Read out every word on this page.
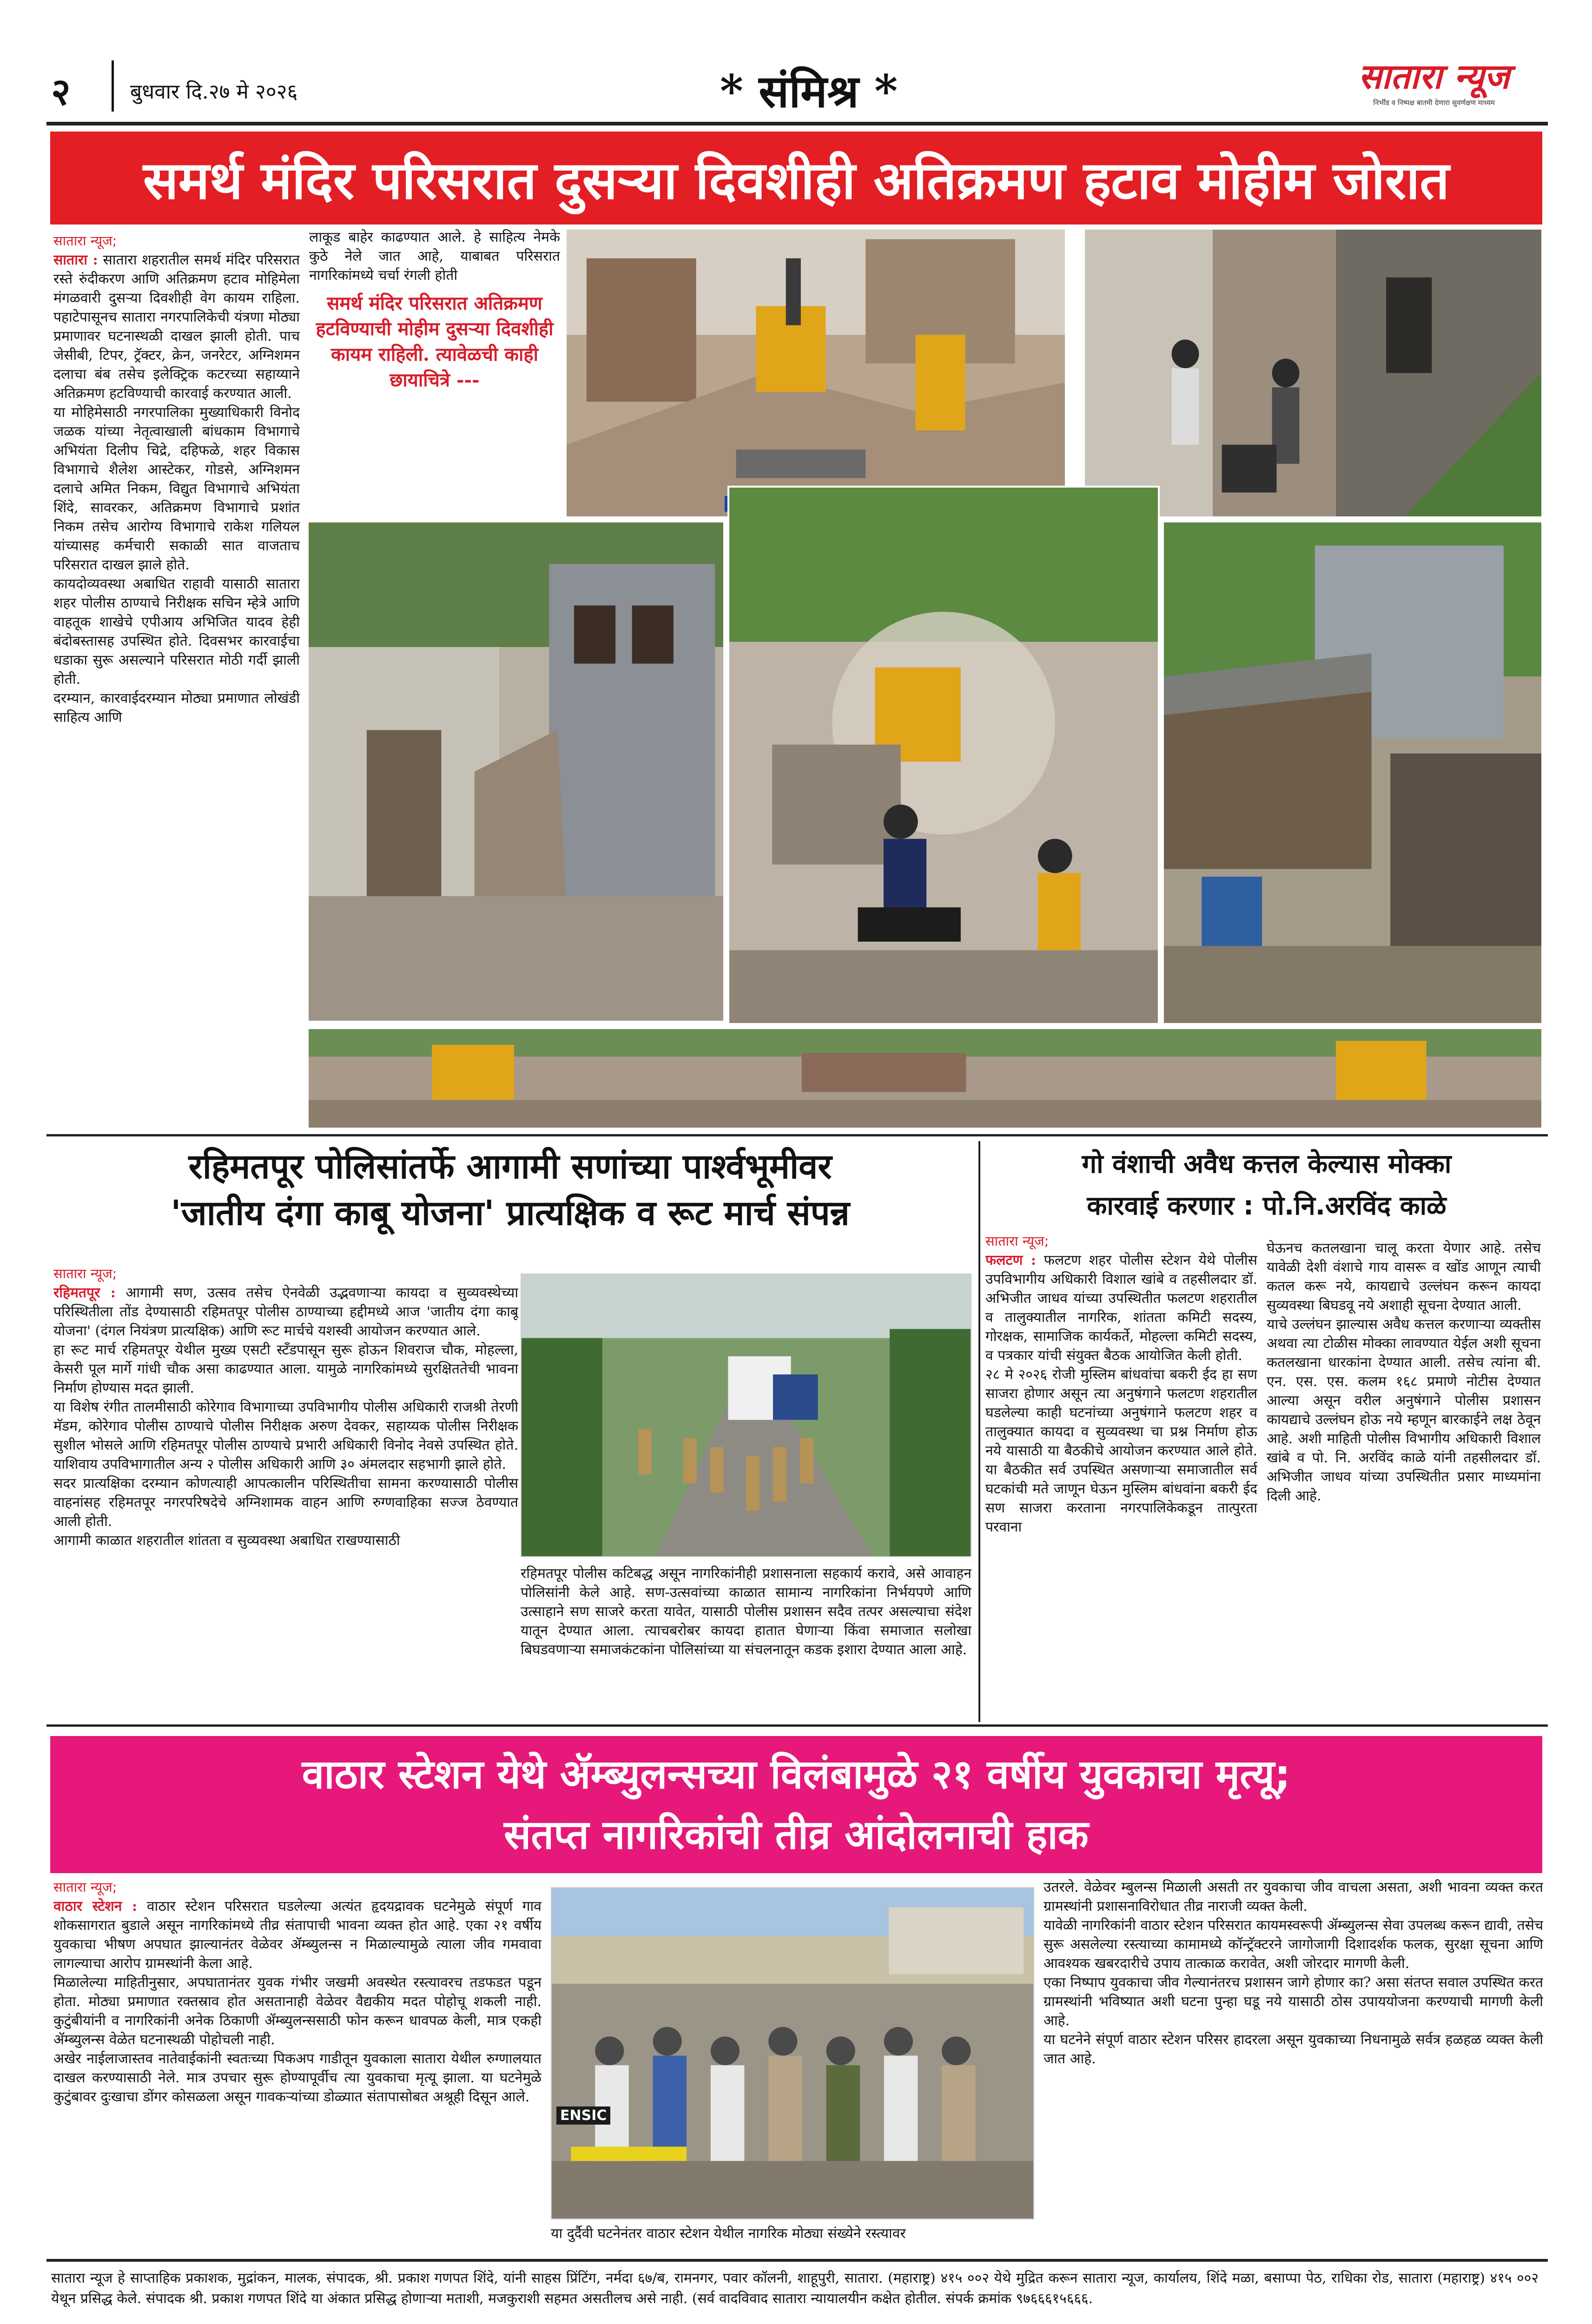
२	बुधवार दि.२७ मे २०२६	* संमिश्र *	सातारा न्यूज
निर्भीड व निष्पक्ष बातमी देणारा सुवर्णक्षण माध्यम
समर्थ मंदिर परिसरात दुसऱ्या दिवशीही अतिक्रमण हटाव मोहीम जोरात
सातारा न्यूज;

सातारा : सातारा शहरातील समर्थ मंदिर परिसरात रस्ते रुंदीकरण आणि अतिक्रमण हटाव मोहिमेला मंगळवारी दुसऱ्या दिवशीही वेग कायम राहिला. पहाटेपासूनच सातारा नगरपालिकेची यंत्रणा मोठ्या प्रमाणावर घटनास्थळी दाखल झाली होती. पाच जेसीबी, टिपर, ट्रॅक्टर, क्रेन, जनरेटर, अग्निशमन दलाचा बंब तसेच इलेक्ट्रिक कटरच्या सहाय्याने अतिक्रमण हटविण्याची कारवाई करण्यात आली.

या मोहिमेसाठी नगरपालिका मुख्याधिकारी विनोद जळक यांच्या नेतृत्वाखाली बांधकाम विभागाचे अभियंता दिलीप चिद्रे, दहिफळे, शहर विकास विभागाचे शैलेश आस्टेकर, गोडसे, अग्निशमन दलाचे अमित निकम, विद्युत विभागाचे अभियंता शिंदे, सावरकर, अतिक्रमण विभागाचे प्रशांत निकम तसेच आरोग्य विभागाचे राकेश गलियल यांच्यासह कर्मचारी सकाळी सात वाजताच परिसरात दाखल झाले होते.

कायदोव्यवस्था अबाधित राहावी यासाठी सातारा शहर पोलीस ठाण्याचे निरीक्षक सचिन म्हेत्रे आणि वाहतूक शाखेचे एपीआय अभिजित यादव हेही बंदोबस्तासह उपस्थित होते. दिवसभर कारवाईचा धडाका सुरू असल्याने परिसरात मोठी गर्दी झाली होती.

दरम्यान, कारवाईदरम्यान मोठ्या प्रमाणात लोखंडी साहित्य आणि

लाकूड बाहेर काढण्यात आले. हे साहित्य नेमके कुठे नेले जात आहे, याबाबत परिसरात नागरिकांमध्ये चर्चा रंगली होती
समर्थ मंदिर परिसरात अतिक्रमण हटविण्याची मोहीम दुसऱ्या दिवशीही कायम राहिली. त्यावेळची काही छायाचित्रे ---
रहिमतपूर पोलिसांतर्फे आगामी सणांच्या पार्श्वभूमीवर
'जातीय दंगा काबू योजना' प्रात्यक्षिक व रूट मार्च संपन्न
सातारा न्यूज;

रहिमतपूर : आगामी सण, उत्सव तसेच ऐनवेळी उद्भवणाऱ्या कायदा व सुव्यवस्थेच्या परिस्थितीला तोंड देण्यासाठी रहिमतपूर पोलीस ठाण्याच्या हद्दीमध्ये आज 'जातीय दंगा काबू योजना' (दंगल नियंत्रण प्रात्यक्षिक) आणि रूट मार्चचे यशस्वी आयोजन करण्यात आले.

हा रूट मार्च रहिमतपूर येथील मुख्य एसटी स्टँडपासून सुरू होऊन शिवराज चौक, मोहल्ला, केसरी पूल मार्गे गांधी चौक असा काढण्यात आला. यामुळे नागरिकांमध्ये सुरक्षिततेची भावना निर्माण होण्यास मदत झाली.

या विशेष रंगीत तालमीसाठी कोरेगाव विभागाच्या उपविभागीय पोलीस अधिकारी राजश्री तेरणी मॅडम, कोरेगाव पोलीस ठाण्याचे पोलीस निरीक्षक अरुण देवकर, सहाय्यक पोलीस निरीक्षक सुशील भोसले आणि रहिमतपूर पोलीस ठाण्याचे प्रभारी अधिकारी विनोद नेवसे उपस्थित होते. याशिवाय उपविभागातील अन्य २ पोलीस अधिकारी आणि ३० अंमलदार सहभागी झाले होते.

सदर प्रात्यक्षिका दरम्यान कोणत्याही आपत्कालीन परिस्थितीचा सामना करण्यासाठी पोलीस वाहनांसह रहिमतपूर नगरपरिषदेचे अग्निशामक वाहन आणि रुग्णवाहिका सज्ज ठेवण्यात आली होती.

आगामी काळात शहरातील शांतता व सुव्यवस्था अबाधित राखण्यासाठी

रहिमतपूर पोलीस कटिबद्ध असून नागरिकांनीही प्रशासनाला सहकार्य करावे, असे आवाहन पोलिसांनी केले आहे. सण-उत्सवांच्या काळात सामान्य नागरिकांना निर्भयपणे आणि उत्साहाने सण साजरे करता यावेत, यासाठी पोलीस प्रशासन सदैव तत्पर असल्याचा संदेश यातून देण्यात आला. त्याचबरोबर कायदा हातात घेणाऱ्या किंवा समाजात सलोखा बिघडवणाऱ्या समाजकंटकांना पोलिसांच्या या संचलनातून कडक इशारा देण्यात आला आहे.
गो वंशाची अवैध कत्तल केल्यास मोक्का
कारवाई करणार : पो.नि.अरविंद काळे
सातारा न्यूज;

फलटण : फलटण शहर पोलीस स्टेशन येथे पोलीस उपविभागीय अधिकारी विशाल खांबे व तहसीलदार डॉ. अभिजीत जाधव यांच्या उपस्थितीत फलटण शहरातील व तालुक्यातील नागरिक, शांतता कमिटी सदस्य, गोरक्षक, सामाजिक कार्यकर्ते, मोहल्ला कमिटी सदस्य, व पत्रकार यांची संयुक्त बैठक आयोजित केली होती.

२८ मे २०२६ रोजी मुस्लिम बांधवांचा बकरी ईद हा सण साजरा होणार असून त्या अनुषंगाने फलटण शहरातील घडलेल्या काही घटनांच्या अनुषंगाने फलटण शहर व तालुक्यात कायदा व सुव्यवस्था चा प्रश्न निर्माण होऊ नये यासाठी या बैठकीचे आयोजन करण्यात आले होते. या बैठकीत सर्व उपस्थित असणाऱ्या समाजातील सर्व घटकांची मते जाणून घेऊन मुस्लिम बांधवांना बकरी ईद सण साजरा करताना नगरपालिकेकडून तात्पुरता परवाना

घेऊनच कतलखाना चालू करता येणार आहे. तसेच यावेळी देशी वंशाचे गाय वासरू व खोंड आणून त्याची कतल करू नये, कायद्याचे उल्लंघन करून कायदा सुव्यवस्था बिघडवू नये अशाही सूचना देण्यात आली.

याचे उल्लंघन झाल्यास अवैध कत्तल करणाऱ्या व्यक्तीस अथवा त्या टोळीस मोक्का लावण्यात येईल अशी सूचना कतलखाना धारकांना देण्यात आली. तसेच त्यांना बी. एन. एस. एस. कलम १६८ प्रमाणे नोटीस देण्यात आल्या असून वरील अनुषंगाने पोलीस प्रशासन कायद्याचे उल्लंघन होऊ नये म्हणून बारकाईने लक्ष ठेवून आहे. अशी माहिती पोलीस विभागीय अधिकारी विशाल खांबे व पो. नि. अरविंद काळे यांनी तहसीलदार डॉ. अभिजीत जाधव यांच्या उपस्थितीत प्रसार माध्यमांना दिली आहे.

वाठार स्टेशन येथे ॲम्ब्युलन्सच्या विलंबामुळे २१ वर्षीय युवकाचा मृत्यू;
संतप्त नागरिकांची तीव्र आंदोलनाची हाक
सातारा न्यूज;

वाठार स्टेशन : वाठार स्टेशन परिसरात घडलेल्या अत्यंत हृदयद्रावक घटनेमुळे संपूर्ण गाव शोकसागरात बुडाले असून नागरिकांमध्ये तीव्र संतापाची भावना व्यक्त होत आहे. एका २१ वर्षीय युवकाचा भीषण अपघात झाल्यानंतर वेळेवर ॲम्ब्युलन्स न मिळाल्यामुळे त्याला जीव गमवावा लागल्याचा आरोप ग्रामस्थांनी केला आहे.

मिळालेल्या माहितीनुसार, अपघातानंतर युवक गंभीर जखमी अवस्थेत रस्त्यावरच तडफडत पडून होता. मोठ्या प्रमाणात रक्तस्राव होत असतानाही वेळेवर वैद्यकीय मदत पोहोचू शकली नाही. कुटुंबीयांनी व नागरिकांनी अनेक ठिकाणी ॲम्ब्युलन्ससाठी फोन करून धावपळ केली, मात्र एकही ॲम्ब्युलन्स वेळेत घटनास्थळी पोहोचली नाही.

अखेर नाईलाजास्तव नातेवाईकांनी स्वतःच्या पिकअप गाडीतून युवकाला सातारा येथील रुग्णालयात दाखल करण्यासाठी नेले. मात्र उपचार सुरू होण्यापूर्वीच त्या युवकाचा मृत्यू झाला. या घटनेमुळे कुटुंबावर दुःखाचा डोंगर कोसळला असून गावकऱ्यांच्या डोळ्यात संतापासोबत अश्रूही दिसून आले.

ENSIC
या दुर्दैवी घटनेनंतर वाठार स्टेशन येथील नागरिक मोठ्या संख्येने रस्त्यावर

उतरले. वेळेवर म्बुलन्स मिळाली असती तर युवकाचा जीव वाचला असता, अशी भावना व्यक्त करत ग्रामस्थांनी प्रशासनाविरोधात तीव्र नाराजी व्यक्त केली.

यावेळी नागरिकांनी वाठार स्टेशन परिसरात कायमस्वरूपी ॲम्ब्युलन्स सेवा उपलब्ध करून द्यावी, तसेच सुरू असलेल्या रस्त्याच्या कामामध्ये कॉन्ट्रॅक्टरने जागोजागी दिशादर्शक फलक, सुरक्षा सूचना आणि आवश्यक खबरदारीचे उपाय तात्काळ करावेत, अशी जोरदार मागणी केली.

एका निष्पाप युवकाचा जीव गेल्यानंतरच प्रशासन जागे होणार का? असा संतप्त सवाल उपस्थित करत ग्रामस्थांनी भविष्यात अशी घटना पुन्हा घडू नये यासाठी ठोस उपाययोजना करण्याची मागणी केली आहे.

या घटनेने संपूर्ण वाठार स्टेशन परिसर हादरला असून युवकाच्या निधनामुळे सर्वत्र हळहळ व्यक्त केली जात आहे.

सातारा न्यूज हे साप्ताहिक प्रकाशक, मुद्रांकन, मालक, संपादक, श्री. प्रकाश गणपत शिंदे, यांनी साहस प्रिंटिंग, नर्मदा ६७/ब, रामनगर, पवार कॉलनी, शाहूपुरी, सातारा. (महाराष्ट्र) ४१५ ००२ येथे मुद्रित करून सातारा न्यूज, कार्यालय, शिंदे मळा, बसाप्पा पेठ, राधिका रोड, सातारा (महाराष्ट्र) ४१५ ००२ येथून प्रसिद्ध केले. संपादक श्री. प्रकाश गणपत शिंदे या अंकात प्रसिद्ध होणाऱ्या मताशी, मजकुराशी सहमत असतीलच असे नाही. (सर्व वादविवाद सातारा न्यायालयीन कक्षेत होतील. संपर्क क्रमांक ९७६६६१५६६६.
